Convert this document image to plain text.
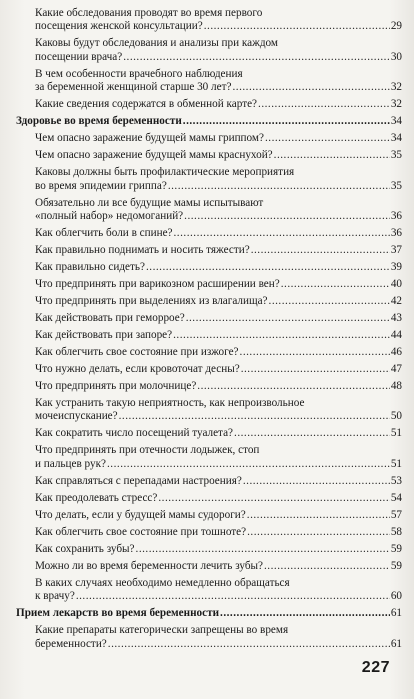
Какие обследования проводят во время первого
посещения женской консультации? .....	29
Каковы будут обследования и анализы при каждом
посещении врача? .....	30
В чем особенности врачебного наблюдения
за беременной женщиной старше 30 лет? .....	32
Какие сведения содержатся в обменной карте? .....	32
Здоровье во время беременности .....	34
Чем опасно заражение будущей мамы гриппом? .....	34
Чем опасно заражение будущей мамы краснухой? .....	35
Каковы должны быть профилактические мероприятия
во время эпидемии гриппа? .....	35
Обязательно ли все будущие мамы испытывают
«полный набор» недомоганий? .....	36
Как облегчить боли в спине? .....	36
Как правильно поднимать и носить тяжести? .....	37
Как правильно сидеть? .....	39
Что предпринять при варикозном расширении вен? .....	40
Что предпринять при выделениях из влагалища? .....	42
Как действовать при геморрое? .....	43
Как действовать при запоре? .....	44
Как облегчить свое состояние при изжоге? .....	46
Что нужно делать, если кровоточат десны? .....	47
Что предпринять при молочнице? .....	48
Как устранить такую неприятность, как непроизвольное
мочеиспускание? .....	50
Как сократить число посещений туалета? .....	51
Что предпринять при отечности лодыжек, стоп
и пальцев рук? .....	51
Как справляться с перепадами настроения? .....	53
Как преодолевать стресс? .....	54
Что делать, если у будущей мамы судороги? .....	57
Как облегчить свое состояние при тошноте? .....	58
Как сохранить зубы? .....	59
Можно ли во время беременности лечить зубы? .....	59
В каких случаях необходимо немедленно обращаться
к врачу? .....	60
Прием лекарств во время беременности .....	61
Какие препараты категорически запрещены во время
беременности? .....	61
227
